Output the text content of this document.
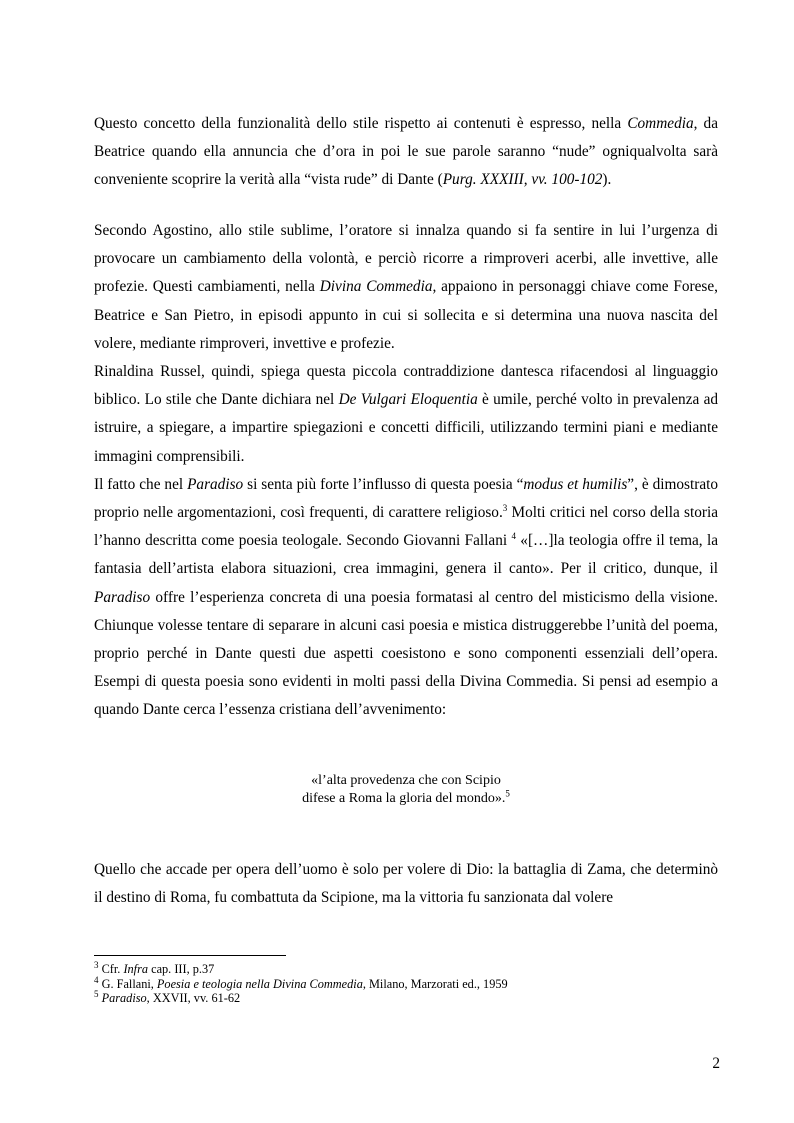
Questo concetto della funzionalità dello stile rispetto ai contenuti è espresso, nella Commedia, da Beatrice quando ella annuncia che d’ora in poi le sue parole saranno “nude” ogniqualvolta sarà conveniente scoprire la verità alla “vista rude” di Dante (Purg. XXXIII, vv. 100-102).

Secondo Agostino, allo stile sublime, l’oratore si innalza quando si fa sentire in lui l’urgenza di provocare un cambiamento della volontà, e perciò ricorre a rimproveri acerbi, alle invettive, alle profezie. Questi cambiamenti, nella Divina Commedia, appaiono in personaggi chiave come Forese, Beatrice e San Pietro, in episodi appunto in cui si sollecita e si determina una nuova nascita del volere, mediante rimproveri, invettive e profezie.

Rinaldina Russel, quindi, spiega questa piccola contraddizione dantesca rifacendosi al linguaggio biblico. Lo stile che Dante dichiara nel De Vulgari Eloquentia è umile, perché volto in prevalenza ad istruire, a spiegare, a impartire spiegazioni e concetti difficili, utilizzando termini piani e mediante immagini comprensibili.

Il fatto che nel Paradiso si senta più forte l’influsso di questa poesia “modus et humilis”, è dimostrato proprio nelle argomentazioni, così frequenti, di carattere religioso.$^3$ Molti critici nel corso della storia l’hanno descritta come poesia teologale. Secondo Giovanni Fallani $^4$ «[…]la teologia offre il tema, la fantasia dell’artista elabora situazioni, crea immagini, genera il canto». Per il critico, dunque, il Paradiso offre l’esperienza concreta di una poesia formatasi al centro del misticismo della visione. Chiunque volesse tentare di separare in alcuni casi poesia e mistica distruggerebbe l’unità del poema, proprio perché in Dante questi due aspetti coesistono e sono componenti essenziali dell’opera. Esempi di questa poesia sono evidenti in molti passi della Divina Commedia. Si pensi ad esempio a quando Dante cerca l’essenza cristiana dell’avvenimento:

«l’alta provedenza che con Scipio
difese a Roma la gloria del mondo».$^5$

Quello che accade per opera dell’uomo è solo per volere di Dio: la battaglia di Zama, che determinò il destino di Roma, fu combattuta da Scipione, ma la vittoria fu sanzionata dal volere

$^3$ Cfr. Infra cap. III, p.37
$^4$ G. Fallani, Poesia e teologia nella Divina Commedia, Milano, Marzorati ed., 1959
$^5$ Paradiso, XXVII, vv. 61-62
2
